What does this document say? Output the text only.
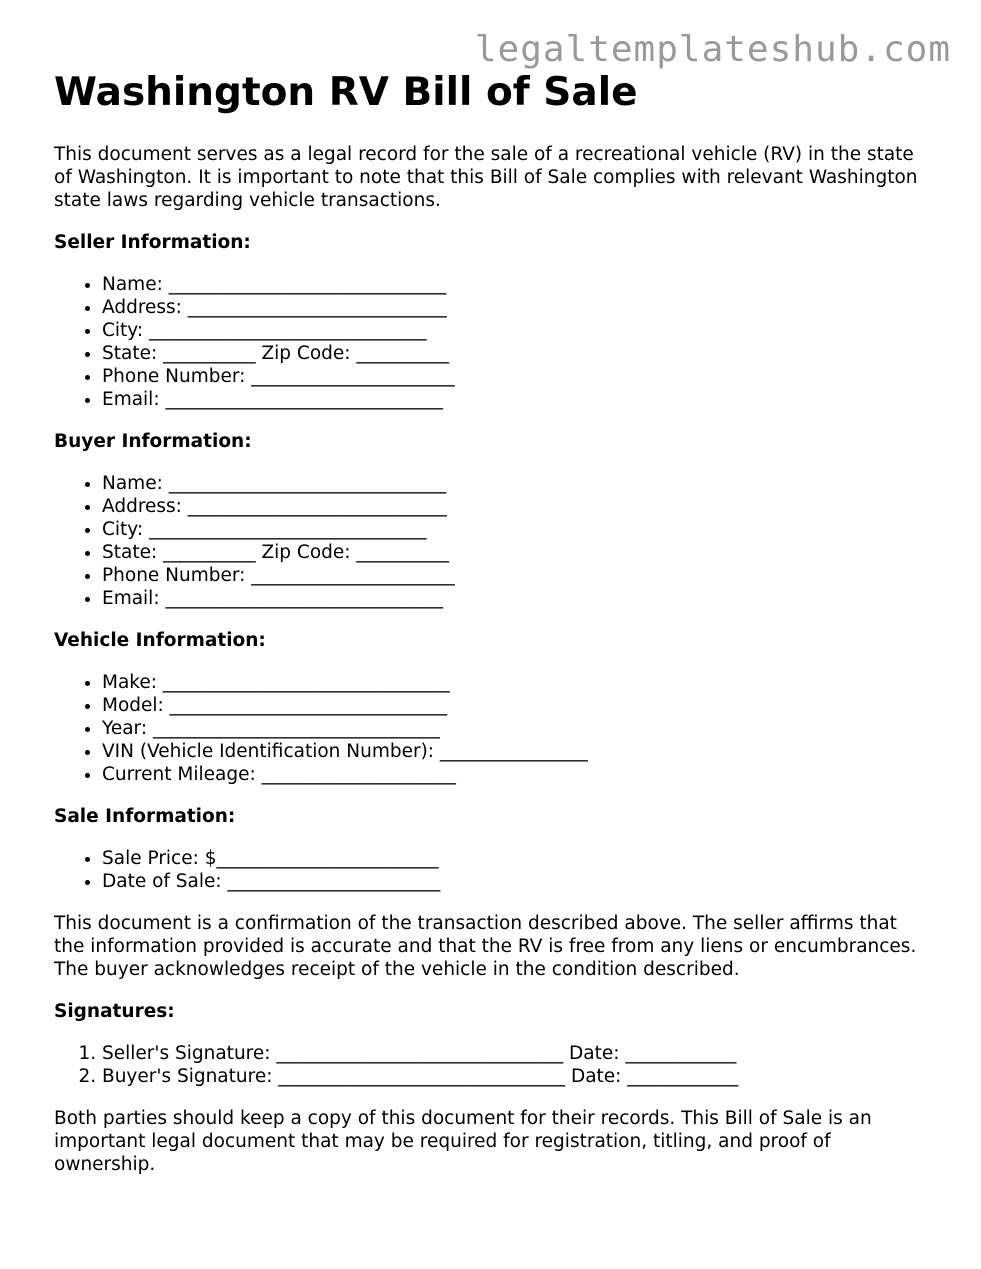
legaltemplateshub.com
Washington RV Bill of Sale

This document serves as a legal record for the sale of a recreational vehicle (RV) in the state of Washington. It is important to note that this Bill of Sale complies with relevant Washington state laws regarding vehicle transactions.

Seller Information:
• Name: ______________________________
• Address: ____________________________
• City: ______________________________
• State: __________ Zip Code: __________
• Phone Number: ______________________
• Email: ______________________________
Buyer Information:
• Name: ______________________________
• Address: ____________________________
• City: ______________________________
• State: __________ Zip Code: __________
• Phone Number: ______________________
• Email: ______________________________
Vehicle Information:
• Make: _______________________________
• Model: ______________________________
• Year: _______________________________
• VIN (Vehicle Identification Number): ________________
• Current Mileage: _____________________
Sale Information:
• Sale Price: $________________________
• Date of Sale: _______________________

This document is a confirmation of the transaction described above. The seller affirms that the information provided is accurate and that the RV is free from any liens or encumbrances. The buyer acknowledges receipt of the vehicle in the condition described.

Signatures:
1. Seller's Signature: _______________________________ Date: ____________
2. Buyer's Signature: _______________________________ Date: ____________

Both parties should keep a copy of this document for their records. This Bill of Sale is an important legal document that may be required for registration, titling, and proof of ownership.
